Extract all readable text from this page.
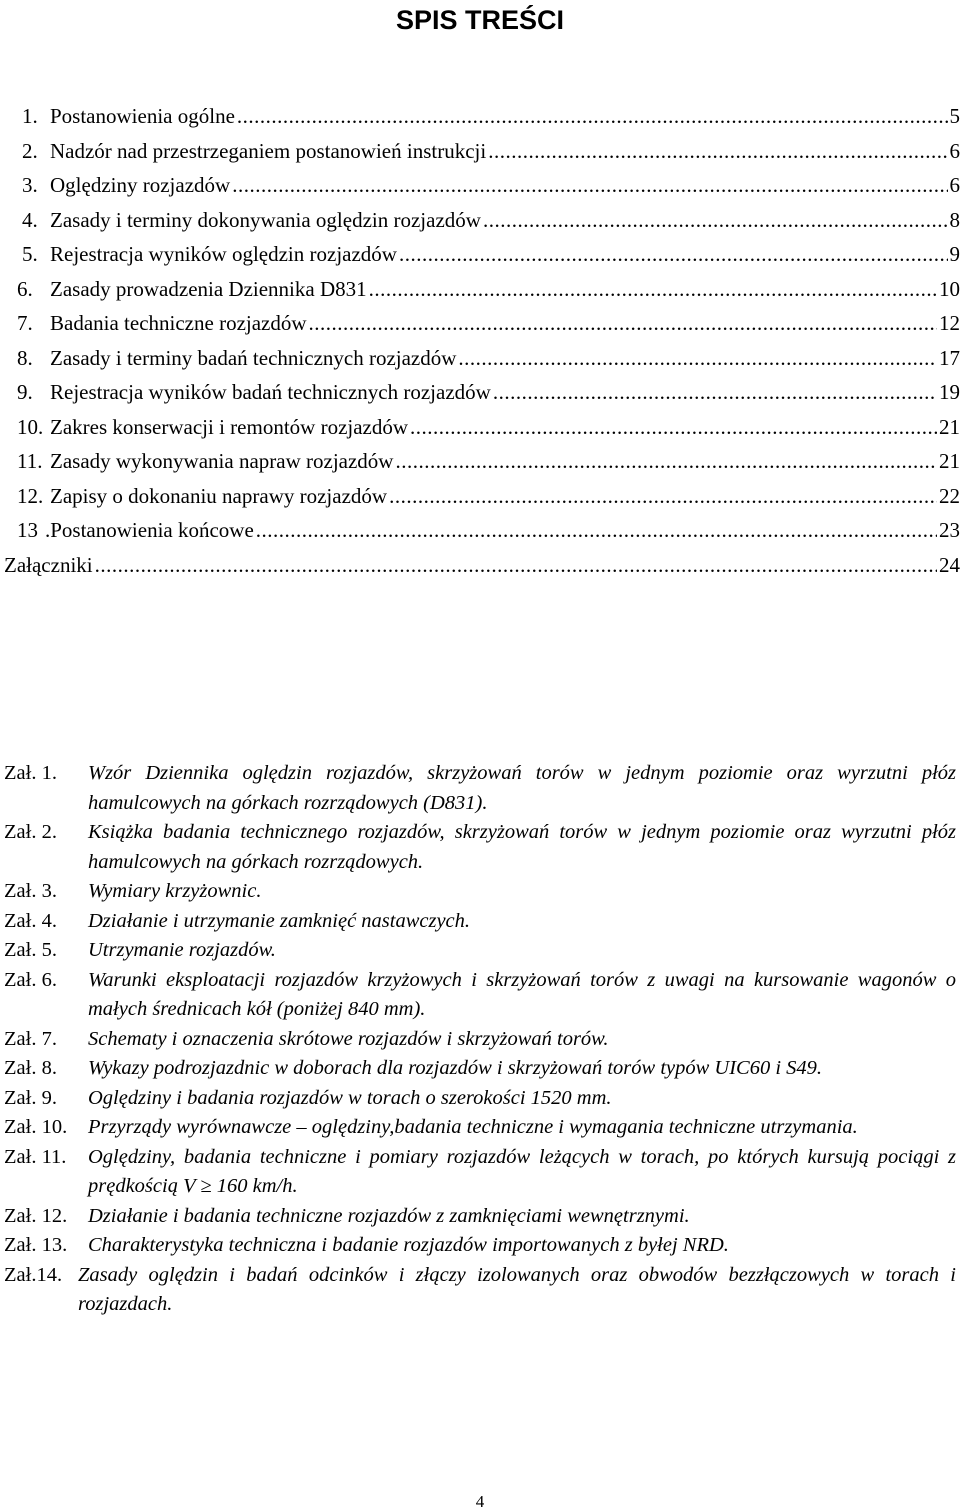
SPIS TREŚCI
1. Postanowienia ogólne .....	5
2. Nadzór nad przestrzeganiem postanowień instrukcji .....	6
3. Oględziny rozjazdów .....	6
4. Zasady i terminy dokonywania oględzin rozjazdów .....	8
5. Rejestracja wyników oględzin rozjazdów .....	9
6. Zasady prowadzenia Dziennika D831 .....	10
7. Badania techniczne rozjazdów .....	12
8. Zasady i terminy badań technicznych rozjazdów .....	17
9. Rejestracja wyników badań technicznych rozjazdów .....	19
10. Zakres konserwacji i remontów rozjazdów .....	21
11. Zasady wykonywania napraw rozjazdów .....	21
12. Zapisy o dokonaniu naprawy rozjazdów .....	22
13 .Postanowienia końcowe .....	23
Załączniki .....	24
Zał. 1.	Wzór Dziennika oględzin rozjazdów, skrzyżowań torów w jednym poziomie oraz wyrzutni płóz hamulcowych na górkach rozrządowych (D831).
Zał. 2.	Książka badania technicznego rozjazdów, skrzyżowań torów w jednym poziomie oraz wyrzutni płóz hamulcowych na górkach rozrządowych.
Zał. 3.	Wymiary krzyżownic.
Zał. 4.	Działanie i utrzymanie zamknięć nastawczych.
Zał. 5.	Utrzymanie rozjazdów.
Zał. 6.	Warunki eksploatacji rozjazdów krzyżowych i skrzyżowań torów z uwagi na kursowanie wagonów o małych średnicach kół (poniżej 840 mm).
Zał. 7.	Schematy i oznaczenia skrótowe rozjazdów i skrzyżowań torów.
Zał. 8.	Wykazy podrozjazdnic w doborach dla rozjazdów i skrzyżowań torów typów UIC60 i S49.
Zał. 9.	Oględziny i badania rozjazdów w torach o szerokości 1520 mm.
Zał. 10.	Przyrządy wyrównawcze – oględziny,badania techniczne i wymagania techniczne utrzymania.
Zał. 11.	Oględziny, badania techniczne i pomiary rozjazdów leżących w torach, po których kursują pociągi z prędkością V ≥ 160 km/h.
Zał. 12.	Działanie i badania techniczne rozjazdów z zamknięciami wewnętrznymi.
Zał. 13.	Charakterystyka techniczna i badanie rozjazdów importowanych z byłej NRD.
Zał.14. Zasady oględzin i badań odcinków i złączy izolowanych oraz obwodów bezzłączowych w torach i rozjazdach.
4
